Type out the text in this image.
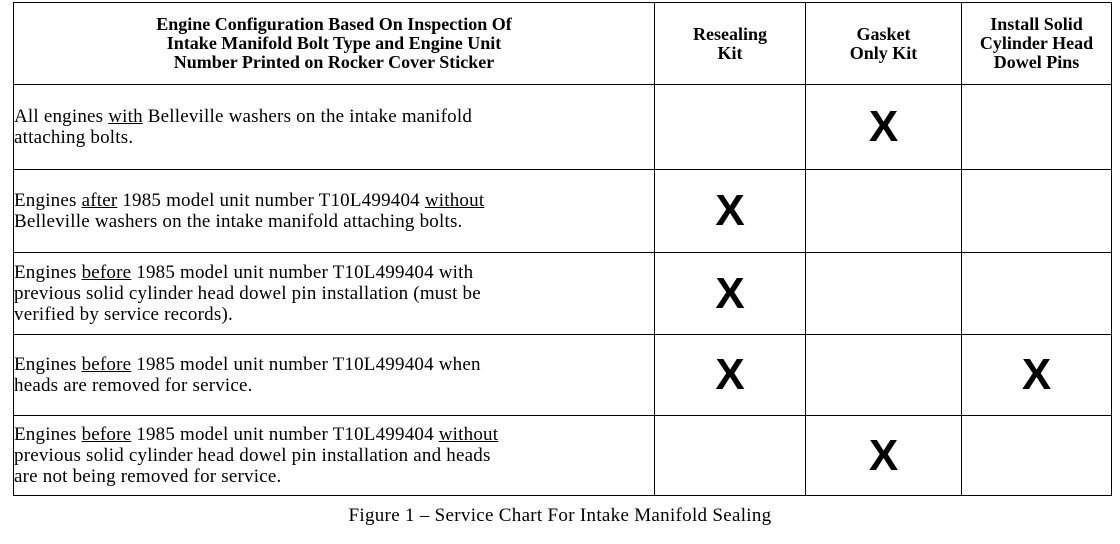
Engine Configuration Based On Inspection Of
Intake Manifold Bolt Type and Engine Unit
Number Printed on Rocker Cover Sticker	Resealing
Kit	Gasket
Only Kit	Install Solid
Cylinder Head
Dowel Pins

All engines with Belleville washers on the intake manifold
attaching bolts.		X	

Engines after 1985 model unit number T10L499404 without
Belleville washers on the intake manifold attaching bolts.	X		

Engines before 1985 model unit number T10L499404 with
previous solid cylinder head dowel pin installation (must be
verified by service records).	X		

Engines before 1985 model unit number T10L499404 when
heads are removed for service.	X		X

Engines before 1985 model unit number T10L499404 without
previous solid cylinder head dowel pin installation and heads
are not being removed for service.		X	
Figure 1 – Service Chart For Intake Manifold Sealing
